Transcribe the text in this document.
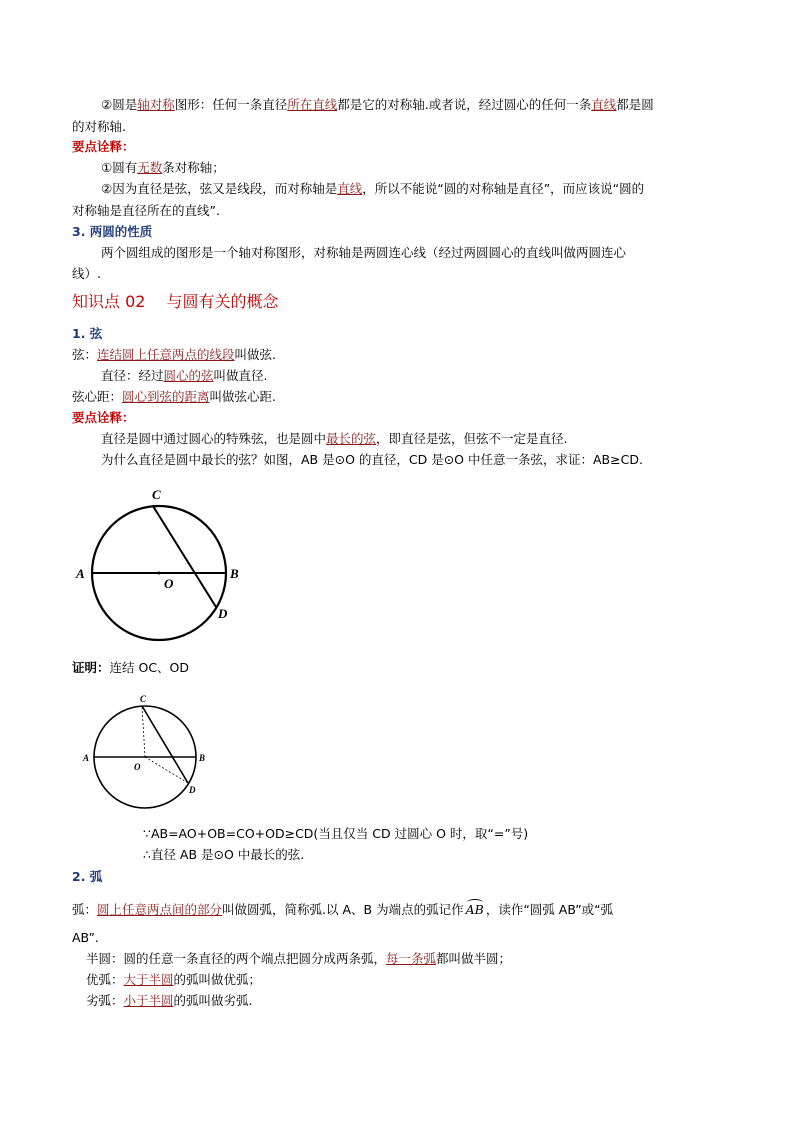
②圆是轴对称图形：任何一条直径所在直线都是它的对称轴.或者说，经过圆心的任何一条直线都是圆
的对称轴.
要点诠释：
①圆有无数条对称轴；
②因为直径是弦，弦又是线段，而对称轴是直线，所以不能说“圆的对称轴是直径”，而应该说“圆的
对称轴是直径所在的直线”.
3. 两圆的性质
两个圆组成的图形是一个轴对称图形，对称轴是两圆连心线（经过两圆圆心的直线叫做两圆连心
线）.
知识点 02　 与圆有关的概念
1. 弦
弦：连结圆上任意两点的线段叫做弦.
直径：经过圆心的弦叫做直径.
弦心距：圆心到弦的距离叫做弦心距.
要点诠释：
直径是圆中通过圆心的特殊弦，也是圆中最长的弦，即直径是弦，但弦不一定是直径.
为什么直径是圆中最长的弦？如图，AB 是⊙O 的直径，CD 是⊙O 中任意一条弦，求证：AB≥CD.
A	B
C
D
O
证明：连结 OC、OD
A	B
C
D
O
∵AB=AO+OB=CO+OD≥CD(当且仅当 CD 过圆心 O 时，取“=”号)
∴直径 AB 是⊙O 中最长的弦.
2. 弧
弧：圆上任意两点间的部分叫做圆弧，简称弧.以 A、B 为端点的弧记作 AB ，读作“圆弧 AB”或“弧
AB”.
半圆：圆的任意一条直径的两个端点把圆分成两条弧，每一条弧都叫做半圆；
优弧：大于半圆的弧叫做优弧；
劣弧：小于半圆的弧叫做劣弧.
